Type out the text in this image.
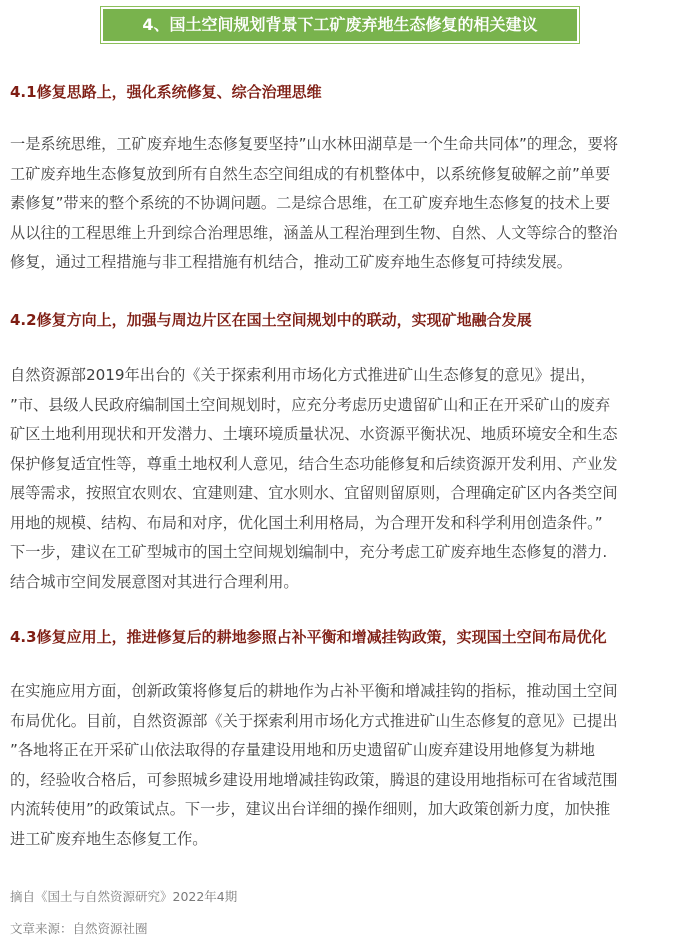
4、国土空间规划背景下工矿废弃地生态修复的相关建议
4.1修复思路上，强化系统修复、综合治理思维
一是系统思维，工矿废弃地生态修复要坚持”山水林田湖草是一个生命共同体”的理念，要将
工矿废弃地生态修复放到所有自然生态空间组成的有机整体中，以系统修复破解之前”单要
素修复”带来的整个系统的不协调问题。二是综合思维，在工矿废弃地生态修复的技术上要
从以往的工程思维上升到综合治理思维，涵盖从工程治理到生物、自然、人文等综合的整治
修复，通过工程措施与非工程措施有机结合，推动工矿废弃地生态修复可持续发展。
4.2修复方向上，加强与周边片区在国土空间规划中的联动，实现矿地融合发展
自然资源部2019年出台的《关于探索利用市场化方式推进矿山生态修复的意见》提出，
”市、县级人民政府编制国土空间规划时，应充分考虑历史遗留矿山和正在开采矿山的废弃
矿区土地利用现状和开发潜力、土壤环境质量状况、水资源平衡状况、地质环境安全和生态
保护修复适宜性等，尊重土地权利人意见，结合生态功能修复和后续资源开发利用、产业发
展等需求，按照宜农则农、宜建则建、宜水则水、宜留则留原则，合理确定矿区内各类空间
用地的规模、结构、布局和对序，优化国土利用格局，为合理开发和科学利用创造条件。”
下一步，建议在工矿型城市的国土空间规划编制中，充分考虑工矿废弃地生态修复的潜力.
结合城市空间发展意图对其进行合理利用。
4.3修复应用上，推进修复后的耕地参照占补平衡和增减挂钩政策，实现国土空间布局优化
在实施应用方面，创新政策将修复后的耕地作为占补平衡和增减挂钩的指标，推动国土空间
布局优化。目前，自然资源部《关于探索利用市场化方式推进矿山生态修复的意见》已提出
”各地将正在开采矿山依法取得的存量建设用地和历史遗留矿山废弃建设用地修复为耕地
的，经验收合格后，可参照城乡建设用地增减挂钩政策，腾退的建设用地指标可在省域范围
内流转使用”的政策试点。下一步，建议出台详细的操作细则，加大政策创新力度，加快推
进工矿废弃地生态修复工作。
摘自《国土与自然资源研究》2022年4期
文章来源：自然资源社圈
